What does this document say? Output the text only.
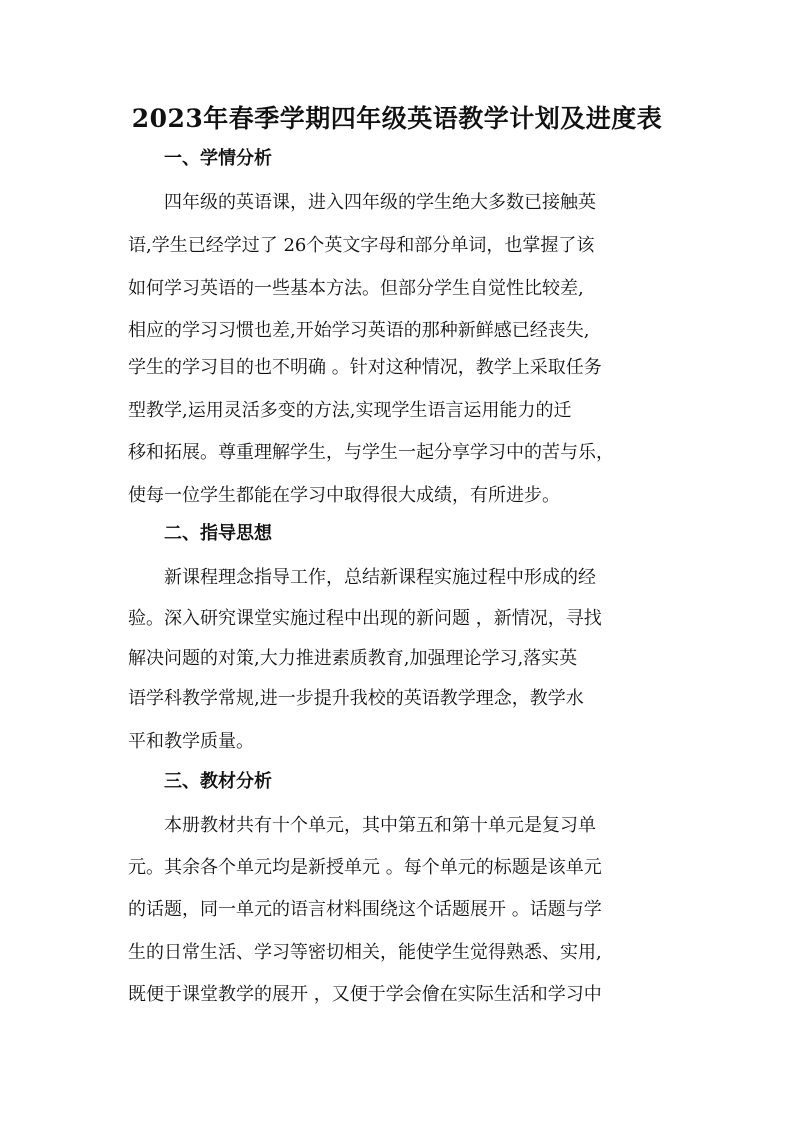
2023年春季学期四年级英语教学计划及进度表
一、学情分析
四年级的英语课，进入四年级的学生绝大多数已接触英
语,学生已经学过了 26个英文字母和部分单词，也掌握了该
如何学习英语的一些基本方法。但部分学生自觉性比较差,
相应的学习习惯也差,开始学习英语的那种新鲜感已经丧失,
学生的学习目的也不明确 。针对这种情况，教学上采取任务
型教学,运用灵活多变的方法,实现学生语言运用能力的迁
移和拓展。尊重理解学生，与学生一起分享学习中的苦与乐，
使每一位学生都能在学习中取得很大成绩，有所进步。
二、指导思想
新课程理念指导工作，总结新课程实施过程中形成的经
验。深入研究课堂实施过程中出现的新问题 ，新情况，寻找
解决问题的对策,大力推进素质教育,加强理论学习,落实英
语学科教学常规,进一步提升我校的英语教学理念，教学水
平和教学质量。
三、教材分析
本册教材共有十个单元，其中第五和第十单元是复习单
元。其余各个单元均是新授单元 。每个单元的标题是该单元
的话题，同一单元的语言材料围绕这个话题展开 。话题与学
生的日常生活、学习等密切相关，能使学生觉得熟悉、实用,
既便于课堂教学的展开 ，又便于学会儈在实际生活和学习中
